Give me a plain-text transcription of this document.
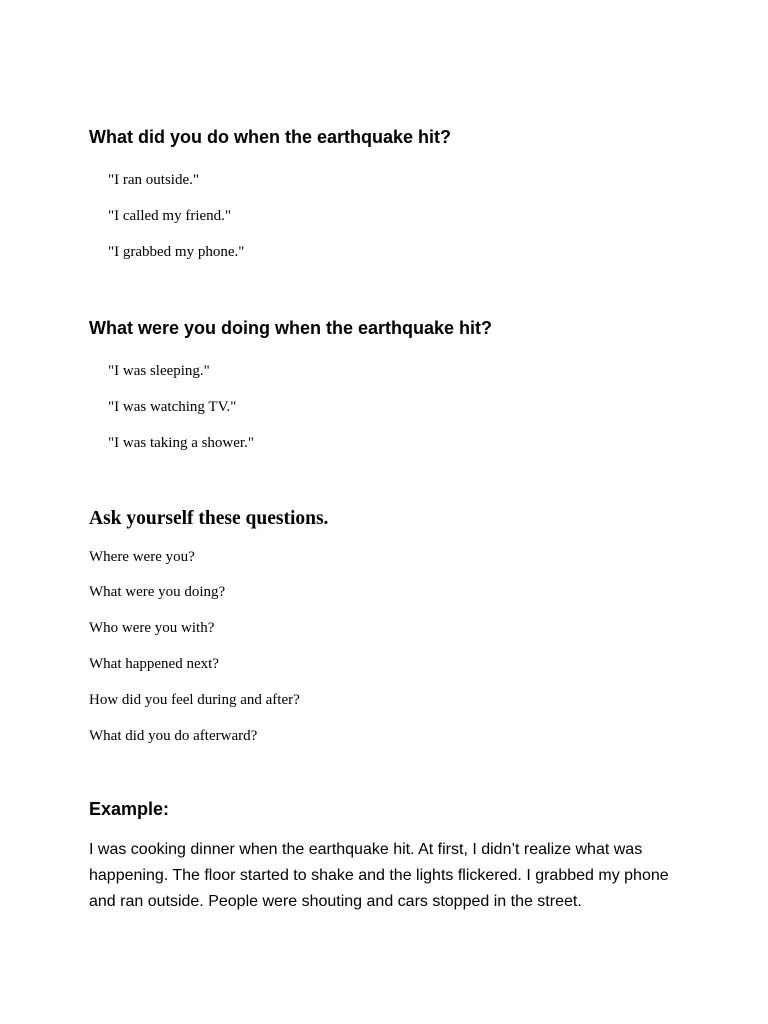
What did you do when the earthquake hit?

"I ran outside."

"I called my friend."

"I grabbed my phone."

What were you doing when the earthquake hit?

"I was sleeping."

"I was watching TV."

"I was taking a shower."

Ask yourself these questions.

Where were you?

What were you doing?

Who were you with?

What happened next?

How did you feel during and after?

What did you do afterward?

Example:

I was cooking dinner when the earthquake hit. At first, I didn’t realize what was happening. The floor started to shake and the lights flickered. I grabbed my phone and ran outside. People were shouting and cars stopped in the street.
